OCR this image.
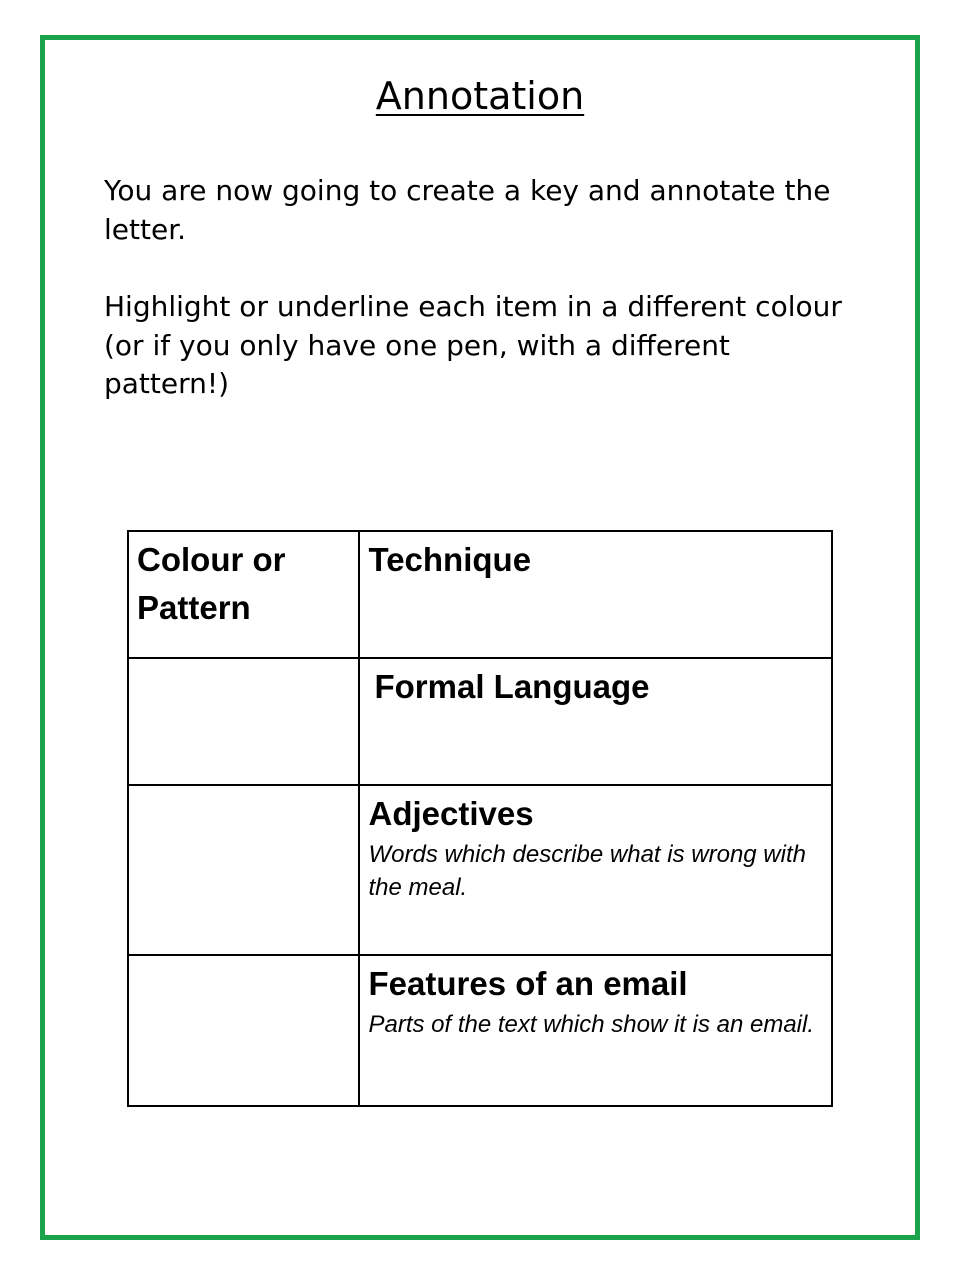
Annotation

You are now going to create a key and annotate the letter.

Highlight or underline each item in a different colour (or if you only have one pen, with a different pattern!)

Colour or Pattern	Technique

	Formal Language

	Adjectives
Words which describe what is wrong with the meal.

	Features of an email
Parts of the text which show it is an email.
